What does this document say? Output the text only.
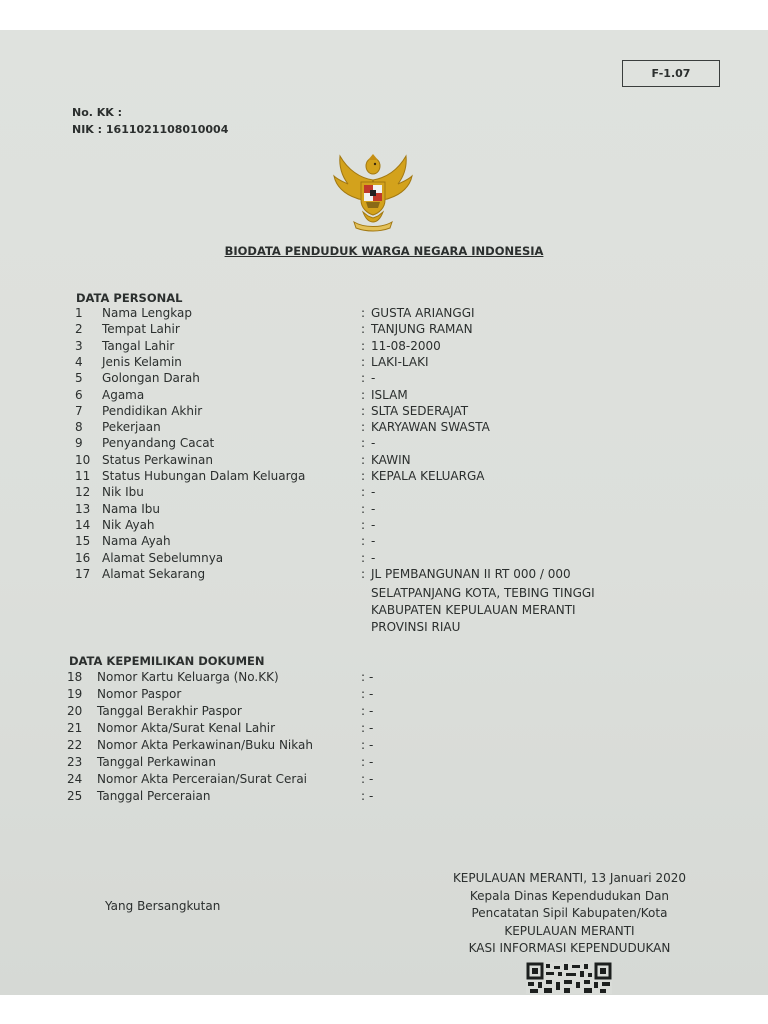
F-1.07
No. KK :
NIK : 1611021108010004
BIODATA PENDUDUK WARGA NEGARA INDONESIA
DATA PERSONAL
1 Nama Lengkap	GUSTA ARIANGGI
:
2 Tempat Lahir	TANJUNG RAMAN
:
3 Tangal Lahir	11-08-2000
:
4 Jenis Kelamin	LAKI-LAKI
:
5 Golongan Darah	-
:
6 Agama	ISLAM
:
7 Pendidikan Akhir	SLTA SEDERAJAT
:
8 Pekerjaan	KARYAWAN SWASTA
:
9 Penyandang Cacat	-
:
10 Status Perkawinan	KAWIN
:
11 Status Hubungan Dalam Keluarga	KEPALA KELUARGA
:
12 Nik Ibu	-
:
13 Nama Ibu	-
:
14 Nik Ayah	-
:
15 Nama Ayah	-
:
16 Alamat Sebelumnya	-
:
17 Alamat Sekarang	JL PEMBANGUNAN II RT 000 / 000
:
SELATPANJANG KOTA, TEBING TINGGI
KABUPATEN KEPULAUAN MERANTI
PROVINSI RIAU
DATA KEPEMILIKAN DOKUMEN
18 Nomor Kartu Keluarga (No.KK)	-
:
19 Nomor Paspor	-
:
20 Tanggal Berakhir Paspor	-
:
21 Nomor Akta/Surat Kenal Lahir	-
:
22 Nomor Akta Perkawinan/Buku Nikah	-
:
23 Tanggal Perkawinan	-
:
24 Nomor Akta Perceraian/Surat Cerai	-
:
25 Tanggal Perceraian	-
:
KEPULAUAN MERANTI, 13 Januari 2020
Kepala Dinas Kependudukan Dan
Pencatatan Sipil Kabupaten/Kota
KEPULAUAN MERANTI
KASI INFORMASI KEPENDUDUKAN
Yang Bersangkutan
